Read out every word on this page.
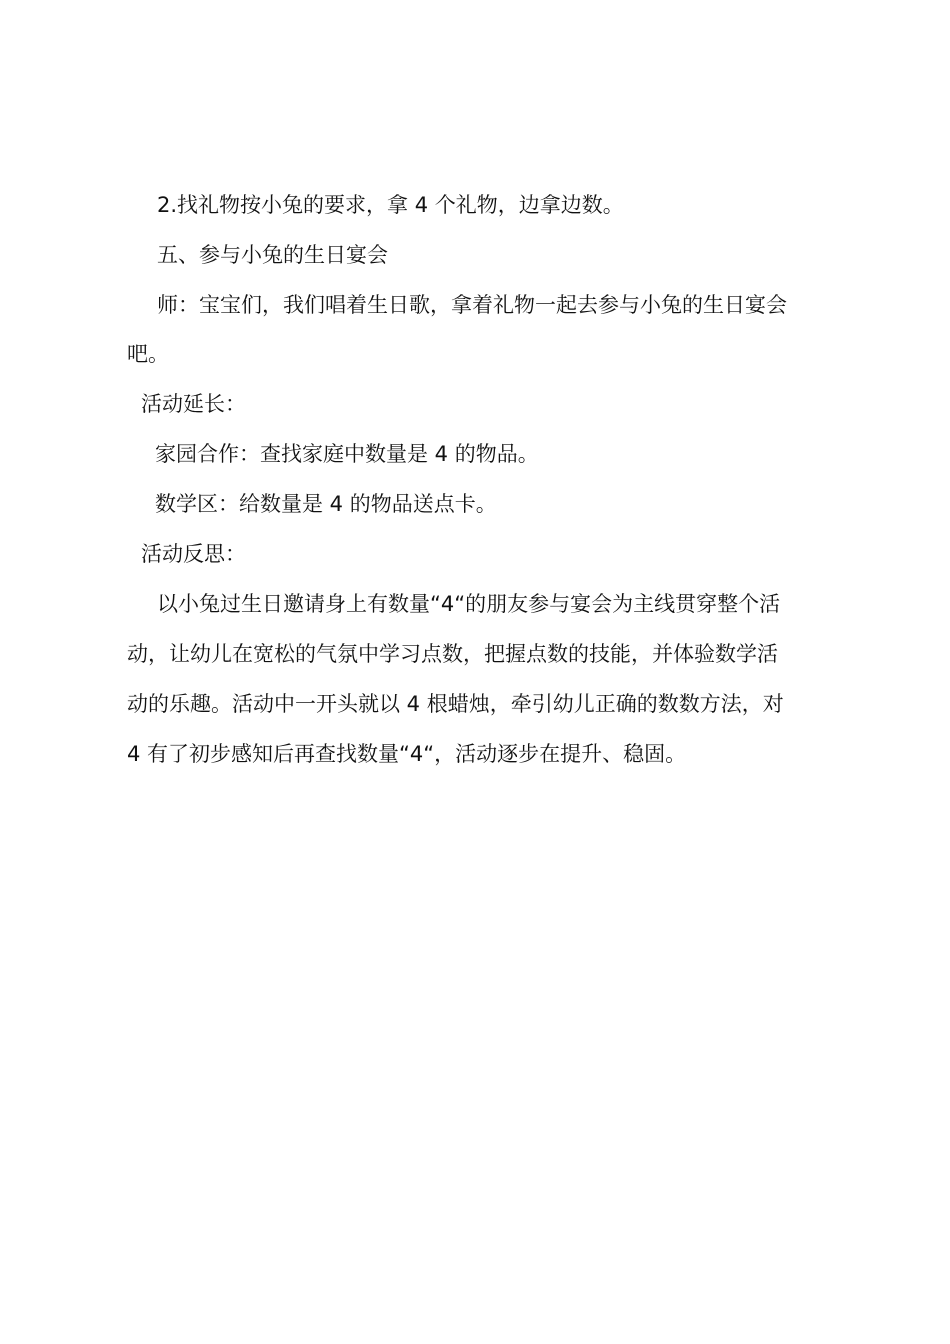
2.找礼物按小兔的要求，拿 4 个礼物，边拿边数。
五、参与小兔的生日宴会
师：宝宝们，我们唱着生日歌，拿着礼物一起去参与小兔的生日宴会
吧。
活动延长：
家园合作：查找家庭中数量是 4 的物品。
数学区：给数量是 4 的物品送点卡。
活动反思：
以小兔过生日邀请身上有数量“4“的朋友参与宴会为主线贯穿整个活
动，让幼儿在宽松的气氛中学习点数，把握点数的技能，并体验数学活
动的乐趣。活动中一开头就以 4 根蜡烛，牵引幼儿正确的数数方法，对
4 有了初步感知后再查找数量“4“，活动逐步在提升、稳固。
